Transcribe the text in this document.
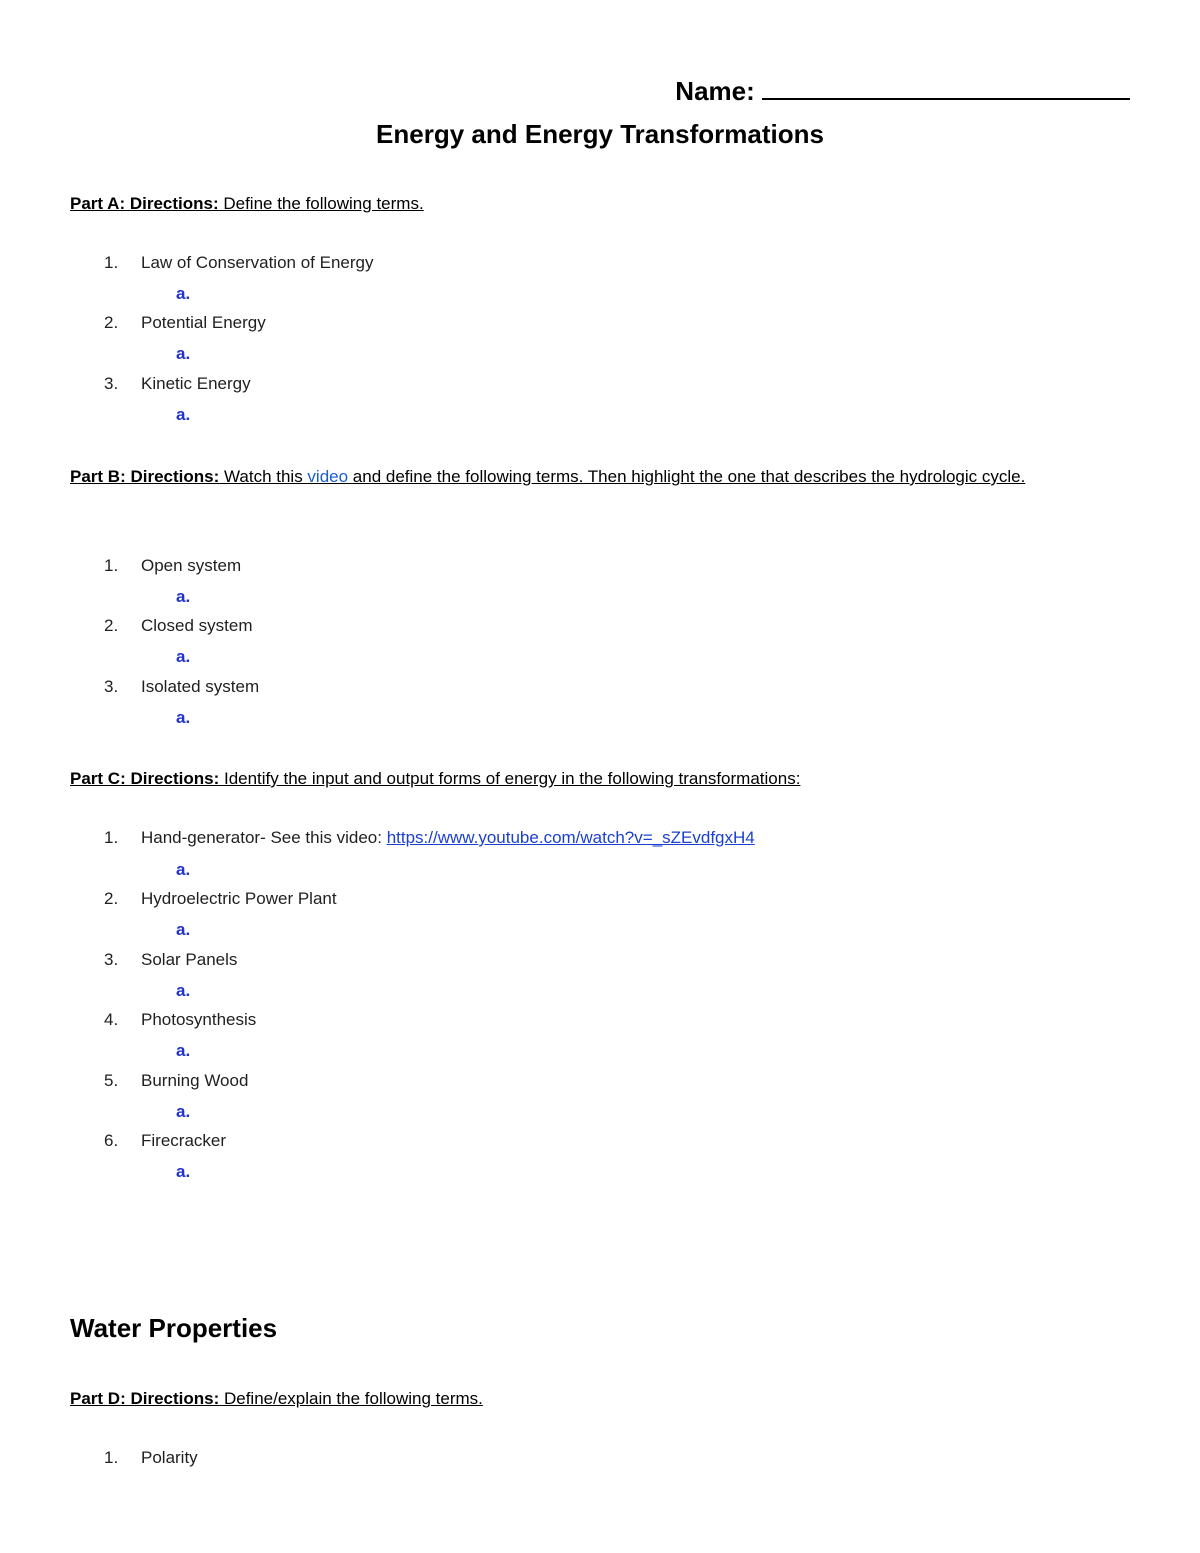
Name:
Energy and Energy Transformations
Part A: Directions: Define the following terms.
1. Law of Conservation of Energy
a.
2. Potential Energy
a.
3. Kinetic Energy
a.
Part B: Directions: Watch this video and define the following terms. Then highlight the one that describes the hydrologic cycle.
1. Open system
a.
2. Closed system
a.
3. Isolated system
a.
Part C: Directions: Identify the input and output forms of energy in the following transformations:
1. Hand-generator- See this video: https://www.youtube.com/watch?v=_sZEvdfgxH4
a.
2. Hydroelectric Power Plant
a.
3. Solar Panels
a.
4. Photosynthesis
a.
5. Burning Wood
a.
6. Firecracker
a.
Water Properties
Part D: Directions: Define/explain the following terms.
1. Polarity
